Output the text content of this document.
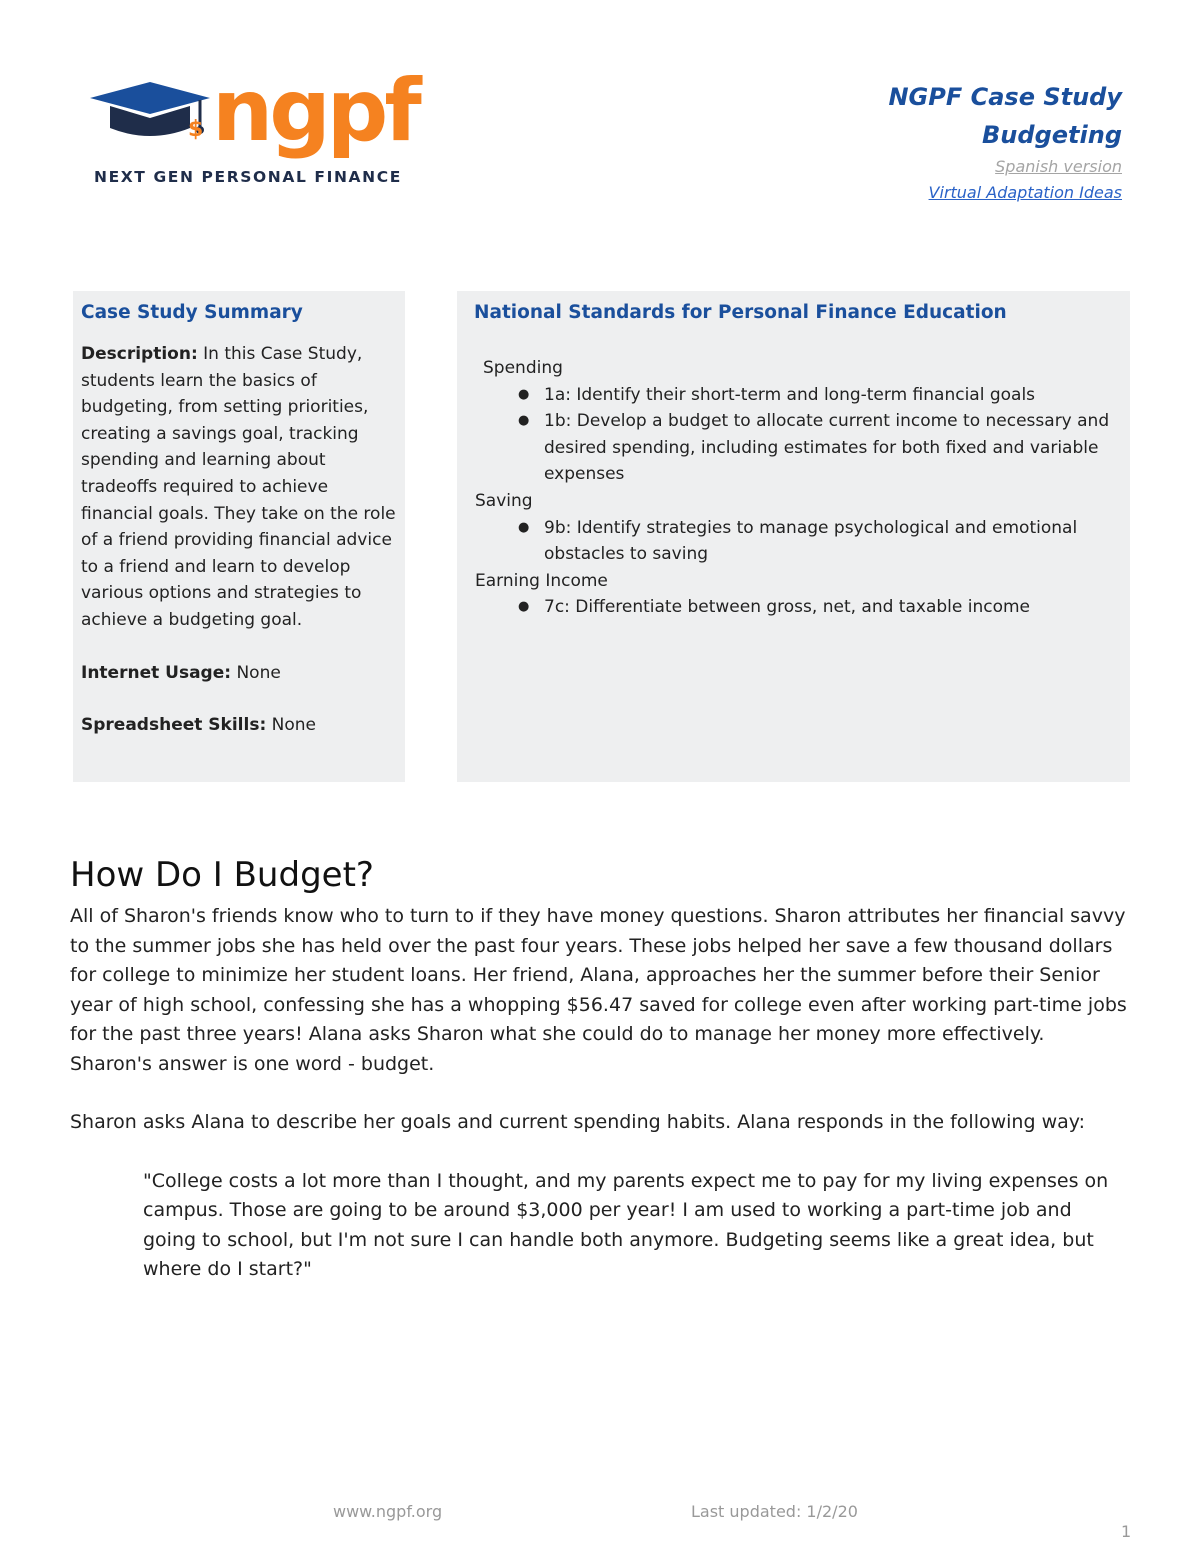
$ ngpf
NEXT GEN PERSONAL FINANCE
NGPF Case Study
Budgeting
Spanish version
Virtual Adaptation Ideas
Case Study Summary

Description: In this Case Study, students learn the basics of budgeting, from setting priorities, creating a savings goal, tracking spending and learning about tradeoffs required to achieve financial goals. They take on the role of a friend providing financial advice to a friend and learn to develop various options and strategies to achieve a budgeting goal.

Internet Usage: None

Spreadsheet Skills: None

National Standards for Personal Finance Education

Spending

● 1a: Identify their short-term and long-term financial goals
● 1b: Develop a budget to allocate current income to necessary and desired spending, including estimates for both fixed and variable expenses

Saving

● 9b: Identify strategies to manage psychological and emotional obstacles to saving

Earning Income

● 7c: Differentiate between gross, net, and taxable income
How Do I Budget?

All of Sharon's friends know who to turn to if they have money questions. Sharon attributes her financial savvy to the summer jobs she has held over the past four years. These jobs helped her save a few thousand dollars for college to minimize her student loans. Her friend, Alana, approaches her the summer before their Senior year of high school, confessing she has a whopping $56.47 saved for college even after working part-time jobs for the past three years! Alana asks Sharon what she could do to manage her money more effectively. Sharon's answer is one word - budget.

Sharon asks Alana to describe her goals and current spending habits. Alana responds in the following way:

"College costs a lot more than I thought, and my parents expect me to pay for my living expenses on campus. Those are going to be around $3,000 per year! I am used to working a part-time job and going to school, but I'm not sure I can handle both anymore. Budgeting seems like a great idea, but where do I start?"

www.ngpf.org	Last updated: 1/2/20
1
